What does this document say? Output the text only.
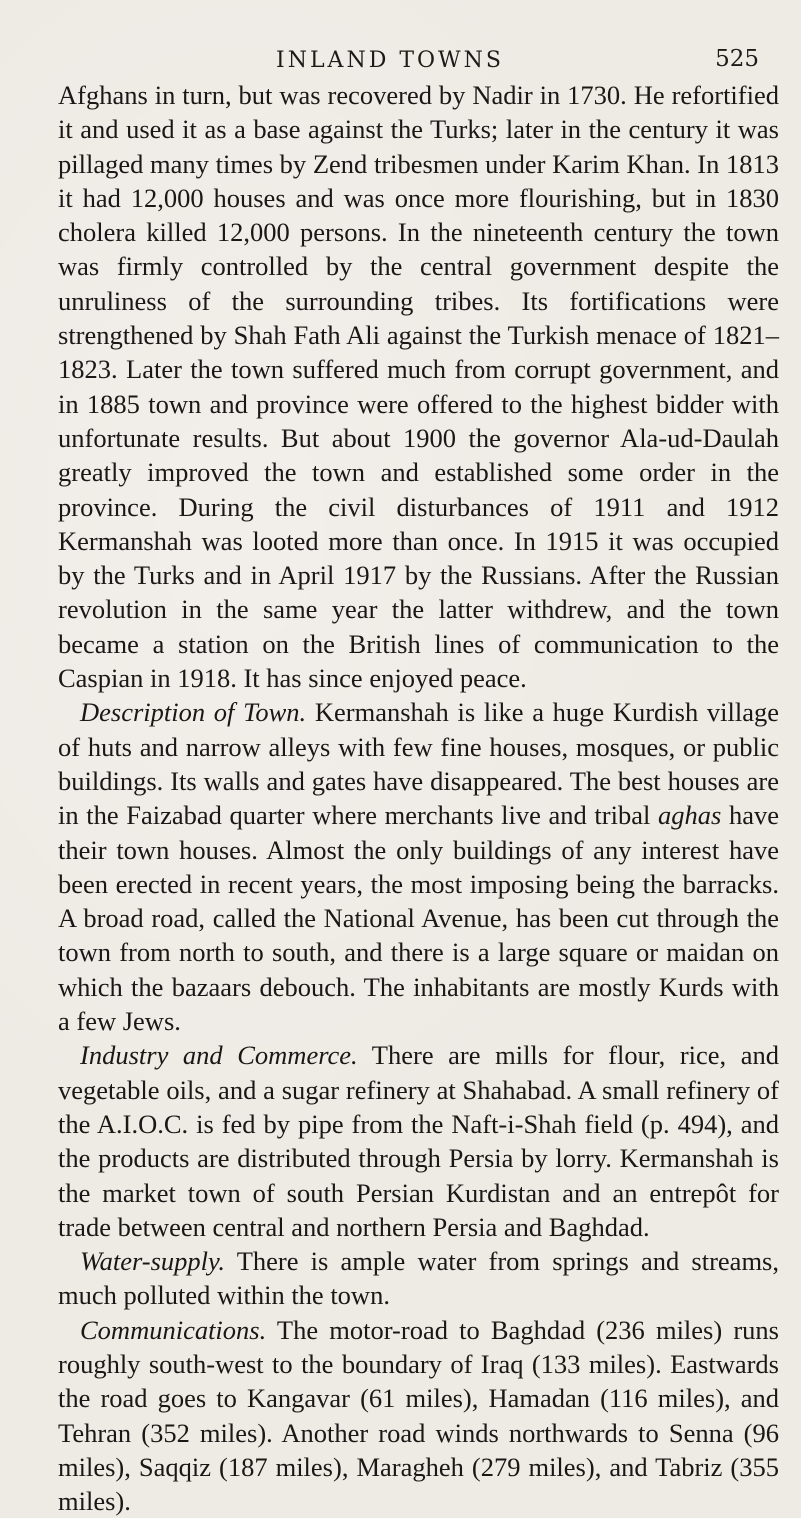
INLAND TOWNS	525

Afghans in turn, but was recovered by Nadir in 1730. He refortified it and used it as a base against the Turks; later in the century it was pillaged many times by Zend tribesmen under Karim Khan. In 1813 it had 12,000 houses and was once more flourishing, but in 1830 cholera killed 12,000 persons. In the nineteenth century the town was firmly controlled by the central government despite the unruliness of the surrounding tribes. Its fortifications were strengthened by Shah Fath Ali against the Turkish menace of 1821–1823. Later the town suffered much from corrupt government, and in 1885 town and province were offered to the highest bidder with unfortunate results. But about 1900 the governor Ala-ud-Daulah greatly improved the town and established some order in the province. During the civil disturbances of 1911 and 1912 Kermanshah was looted more than once. In 1915 it was occupied by the Turks and in April 1917 by the Russians. After the Russian revolution in the same year the latter withdrew, and the town became a station on the British lines of communication to the Caspian in 1918. It has since enjoyed peace.

Description of Town. Kermanshah is like a huge Kurdish village of huts and narrow alleys with few fine houses, mosques, or public buildings. Its walls and gates have disappeared. The best houses are in the Faizabad quarter where merchants live and tribal aghas have their town houses. Almost the only buildings of any interest have been erected in recent years, the most imposing being the barracks. A broad road, called the National Avenue, has been cut through the town from north to south, and there is a large square or maidan on which the bazaars debouch. The inhabitants are mostly Kurds with a few Jews.

Industry and Commerce. There are mills for flour, rice, and vegetable oils, and a sugar refinery at Shahabad. A small refinery of the A.I.O.C. is fed by pipe from the Naft-i-Shah field (p. 494), and the products are distributed through Persia by lorry. Kermanshah is the market town of south Persian Kurdistan and an entrepôt for trade between central and northern Persia and Baghdad.

Water-supply. There is ample water from springs and streams, much polluted within the town.

Communications. The motor-road to Baghdad (236 miles) runs roughly south-west to the boundary of Iraq (133 miles). Eastwards the road goes to Kangavar (61 miles), Hamadan (116 miles), and Tehran (352 miles). Another road winds northwards to Senna (96 miles), Saqqiz (187 miles), Maragheh (279 miles), and Tabriz (355 miles).
